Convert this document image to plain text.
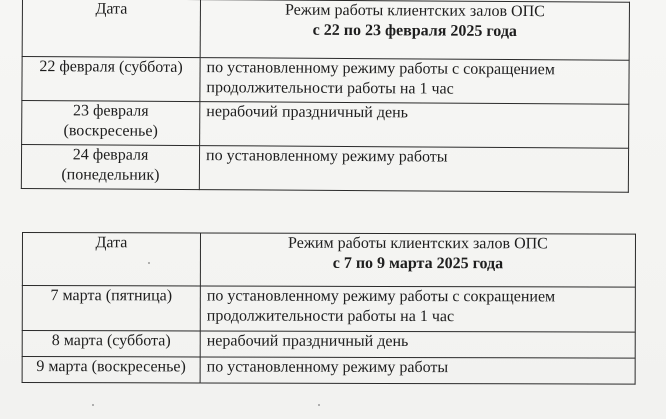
Дата	Режим работы клиентских залов ОПС
с 22 по 23 февраля 2025 года

22 февраля (суббота)	по установленному режиму работы с сокращением
продолжительности работы на 1 час

23 февраля
(воскресенье)	нерабочий праздничный день

24 февраля
(понедельник)	по установленному режиму работы
Дата	Режим работы клиентских залов ОПС
с 7 по 9 марта 2025 года

7 марта (пятница)	по установленному режиму работы с сокращением
продолжительности работы на 1 час

8 марта (суббота)	нерабочий праздничный день

9 марта (воскресенье)	по установленному режиму работы
